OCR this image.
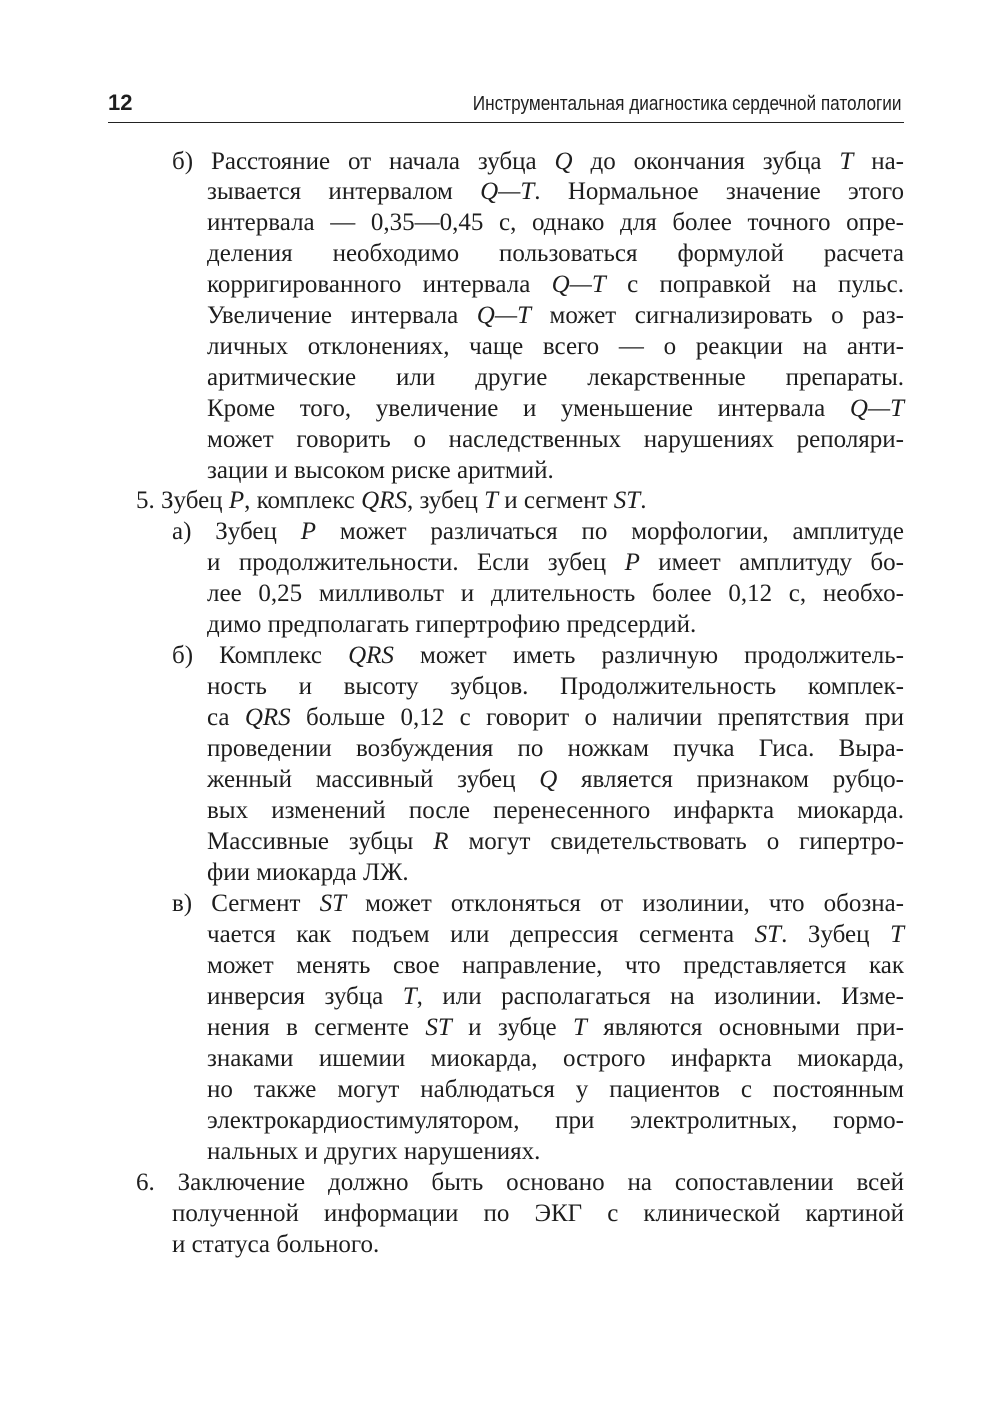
12	Инструментальная диагностика сердечной патологии
б) Расстояние от начала зубца Q до окончания зубца T на-
зывается интервалом Q—T. Нормальное значение этого
интервала — 0,35—0,45 с, однако для более точного опре-
деления необходимо пользоваться формулой расчета
корригированного интервала Q—T с поправкой на пульс.
Увеличение интервала Q—T может сигнализировать о раз-
личных отклонениях, чаще всего — о реакции на анти-
аритмические или другие лекарственные препараты.
Кроме того, увеличение и уменьшение интервала Q—T
может говорить о наследственных нарушениях реполяри-
зации и высоком риске аритмий.
5. Зубец P, комплекс QRS, зубец T и сегмент ST.
а) Зубец P может различаться по морфологии, амплитуде
и продолжительности. Если зубец P имеет амплитуду бо-
лее 0,25 милливольт и длительность более 0,12 с, необхо-
димо предполагать гипертрофию предсердий.
б) Комплекс QRS может иметь различную продолжитель-
ность и высоту зубцов. Продолжительность комплек-
са QRS больше 0,12 с говорит о наличии препятствия при
проведении возбуждения по ножкам пучка Гиса. Выра-
женный массивный зубец Q является признаком рубцо-
вых изменений после перенесенного инфаркта миокарда.
Массивные зубцы R могут свидетельствовать о гипертро-
фии миокарда ЛЖ.
в) Сегмент ST может отклоняться от изолинии, что обозна-
чается как подъем или депрессия сегмента ST. Зубец T
может менять свое направление, что представляется как
инверсия зубца T, или располагаться на изолинии. Изме-
нения в сегменте ST и зубце T являются основными при-
знаками ишемии миокарда, острого инфаркта миокарда,
но также могут наблюдаться у пациентов с постоянным
электрокардиостимулятором, при электролитных, гормо-
нальных и других нарушениях.
6. Заключение должно быть основано на сопоставлении всей
полученной информации по ЭКГ с клинической картиной
и статуса больного.
